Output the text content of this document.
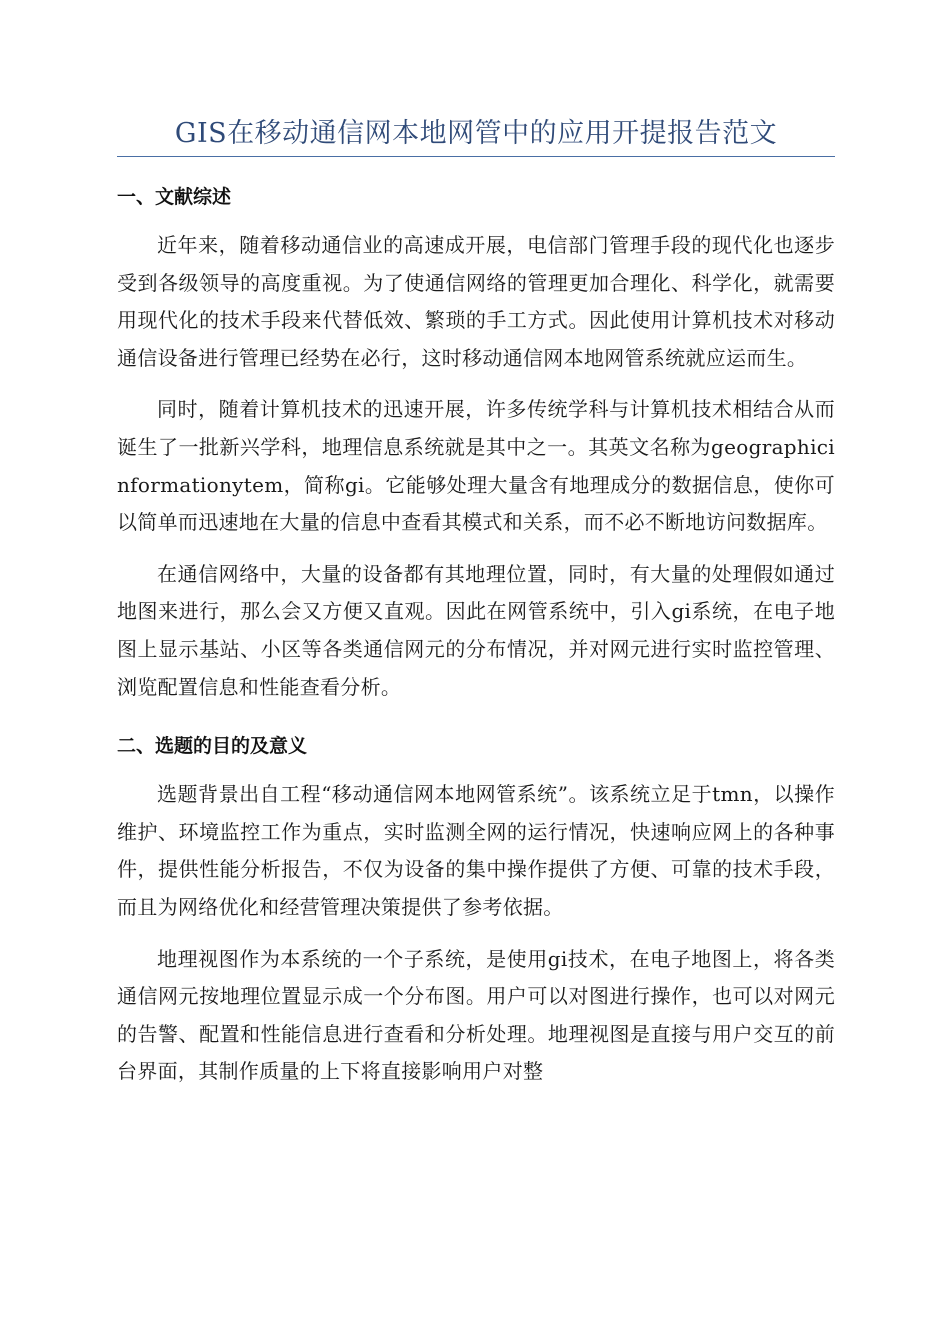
GIS在移动通信网本地网管中的应用开提报告范文
一、文献综述

近年来，随着移动通信业的高速成开展，电信部门管理手段的现代化也逐步受到各级领导的高度重视。为了使通信网络的管理更加合理化、科学化，就需要用现代化的技术手段来代替低效、繁琐的手工方式。因此使用计算机技术对移动通信设备进行管理已经势在必行，这时移动通信网本地网管系统就应运而生。

同时，随着计算机技术的迅速开展，许多传统学科与计算机技术相结合从而诞生了一批新兴学科，地理信息系统就是其中之一。其英文名称为geographicinformationytem，简称gi。它能够处理大量含有地理成分的数据信息，使你可以简单而迅速地在大量的信息中查看其模式和关系，而不必不断地访问数据库。

在通信网络中，大量的设备都有其地理位置，同时，有大量的处理假如通过地图来进行，那么会又方便又直观。因此在网管系统中，引入gi系统，在电子地图上显示基站、小区等各类通信网元的分布情况，并对网元进行实时监控管理、浏览配置信息和性能查看分析。

二、选题的目的及意义

选题背景出自工程“移动通信网本地网管系统”。该系统立足于tmn，以操作维护、环境监控工作为重点，实时监测全网的运行情况，快速响应网上的各种事件，提供性能分析报告，不仅为设备的集中操作提供了方便、可靠的技术手段，而且为网络优化和经营管理决策提供了参考依据。

地理视图作为本系统的一个子系统，是使用gi技术，在电子地图上，将各类通信网元按地理位置显示成一个分布图。用户可以对图进行操作，也可以对网元的告警、配置和性能信息进行查看和分析处理。地理视图是直接与用户交互的前台界面，其制作质量的上下将直接影响用户对整
